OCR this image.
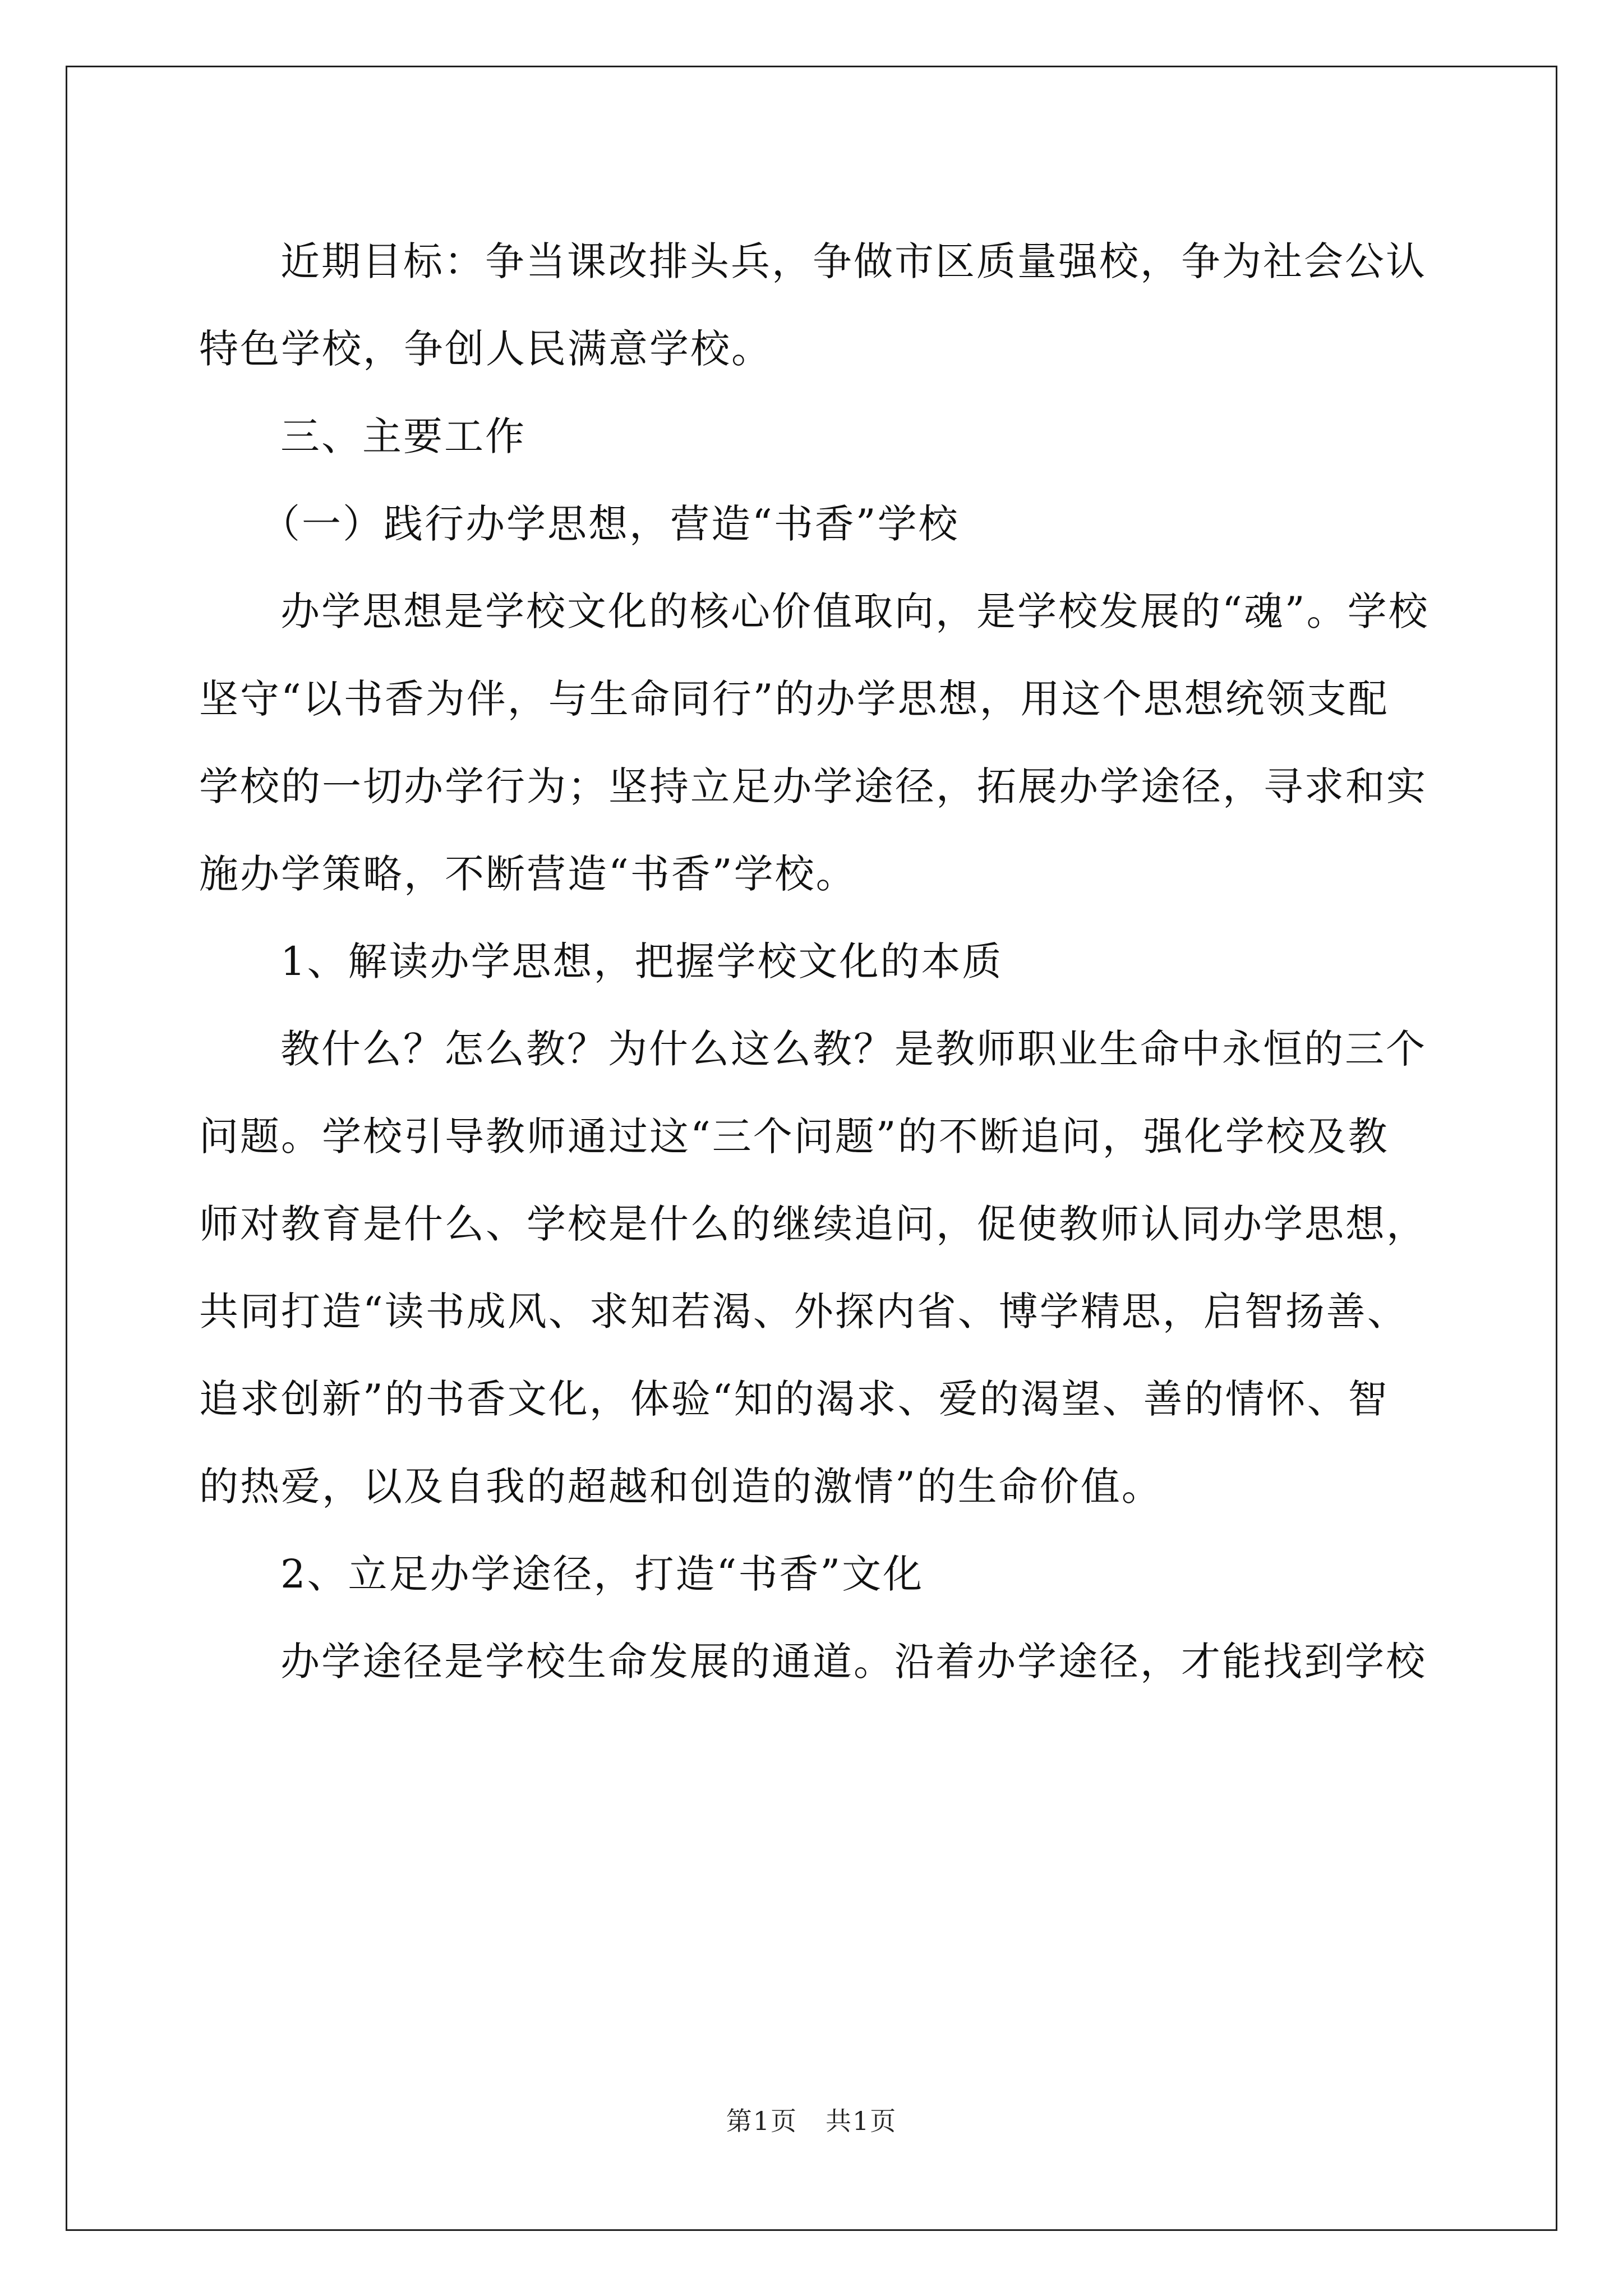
近期目标：争当课改排头兵，争做市区质量强校，争为社会公认
特色学校，争创人民满意学校。

三、主要工作

（一）践行办学思想，营造“书香”学校

办学思想是学校文化的核心价值取向，是学校发展的“魂”。学校
坚守“以书香为伴，与生命同行”的办学思想，用这个思想统领支配
学校的一切办学行为；坚持立足办学途径，拓展办学途径，寻求和实
施办学策略，不断营造“书香”学校。

1、解读办学思想，把握学校文化的本质

教什么？怎么教？为什么这么教？是教师职业生命中永恒的三个
问题。学校引导教师通过这“三个问题”的不断追问，强化学校及教
师对教育是什么、学校是什么的继续追问，促使教师认同办学思想，
共同打造“读书成风、求知若渴、外探内省、博学精思，启智扬善、
追求创新”的书香文化，体验“知的渴求、爱的渴望、善的情怀、智
的热爱，以及自我的超越和创造的激情”的生命价值。

2、立足办学途径，打造“书香”文化

办学途径是学校生命发展的通道。沿着办学途径，才能找到学校

第1页 共1页
